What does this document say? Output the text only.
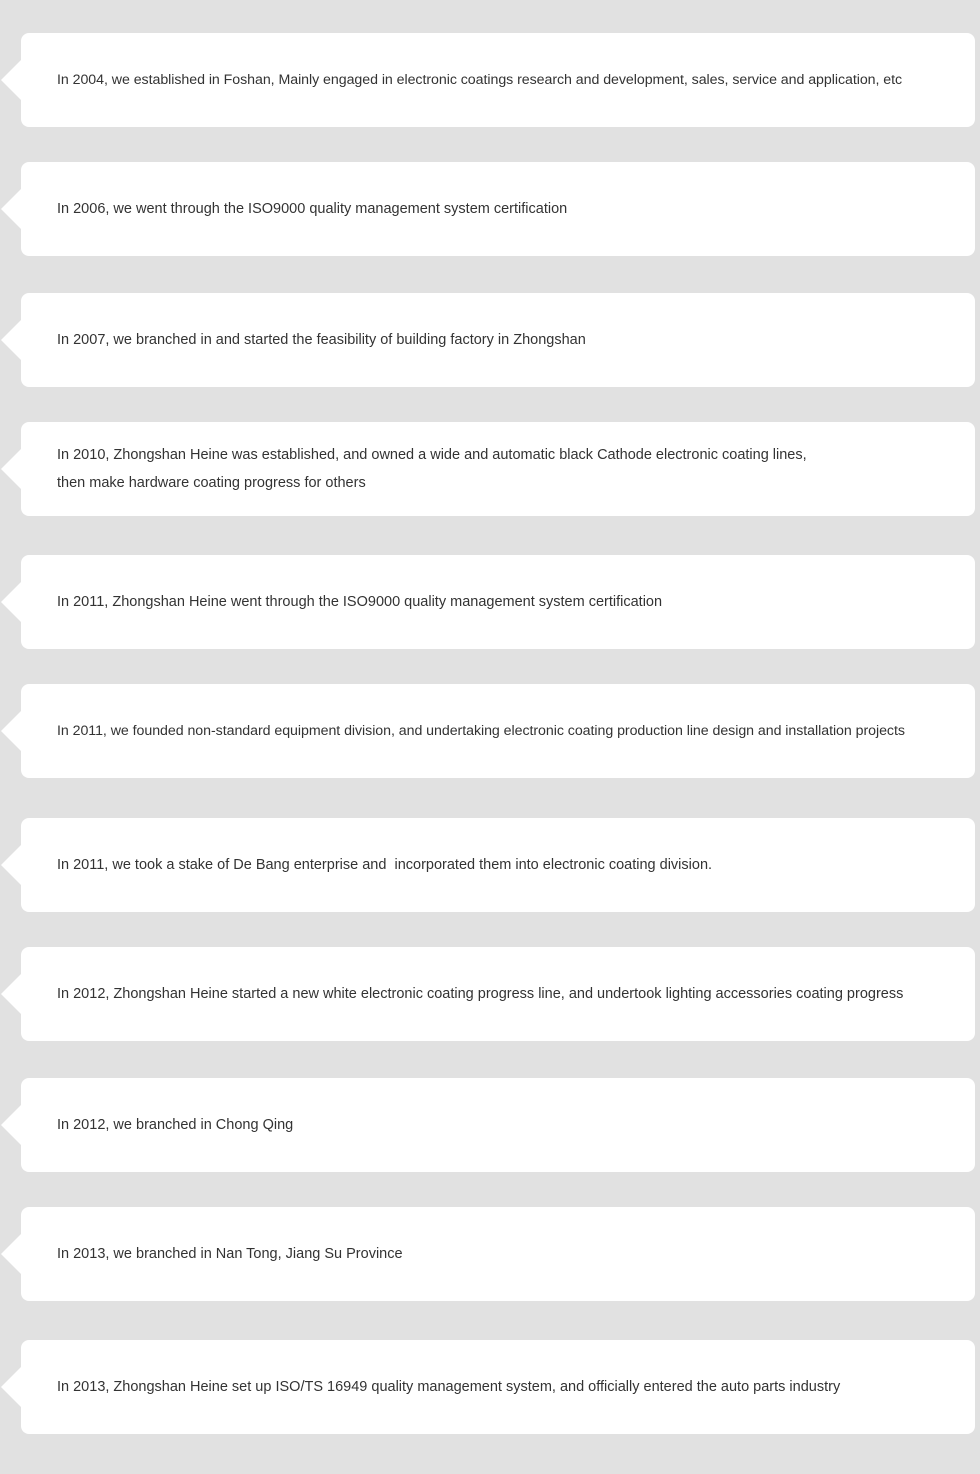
In 2004, we established in Foshan, Mainly engaged in electronic coatings research and development, sales, service and application, etc

In 2006, we went through the ISO9000 quality management system certification

In 2007, we branched in and started the feasibility of building factory in Zhongshan

In 2010, Zhongshan Heine was established, and owned a wide and automatic black Cathode electronic coating lines,
then make hardware coating progress for others

In 2011, Zhongshan Heine went through the ISO9000 quality management system certification

In 2011, we founded non-standard equipment division, and undertaking electronic coating production line design and installation projects

In 2011, we took a stake of De Bang enterprise and  incorporated them into electronic coating division.

In 2012, Zhongshan Heine started a new white electronic coating progress line, and undertook lighting accessories coating progress

In 2012, we branched in Chong Qing

In 2013, we branched in Nan Tong, Jiang Su Province

In 2013, Zhongshan Heine set up ISO/TS 16949 quality management system, and officially entered the auto parts industry
